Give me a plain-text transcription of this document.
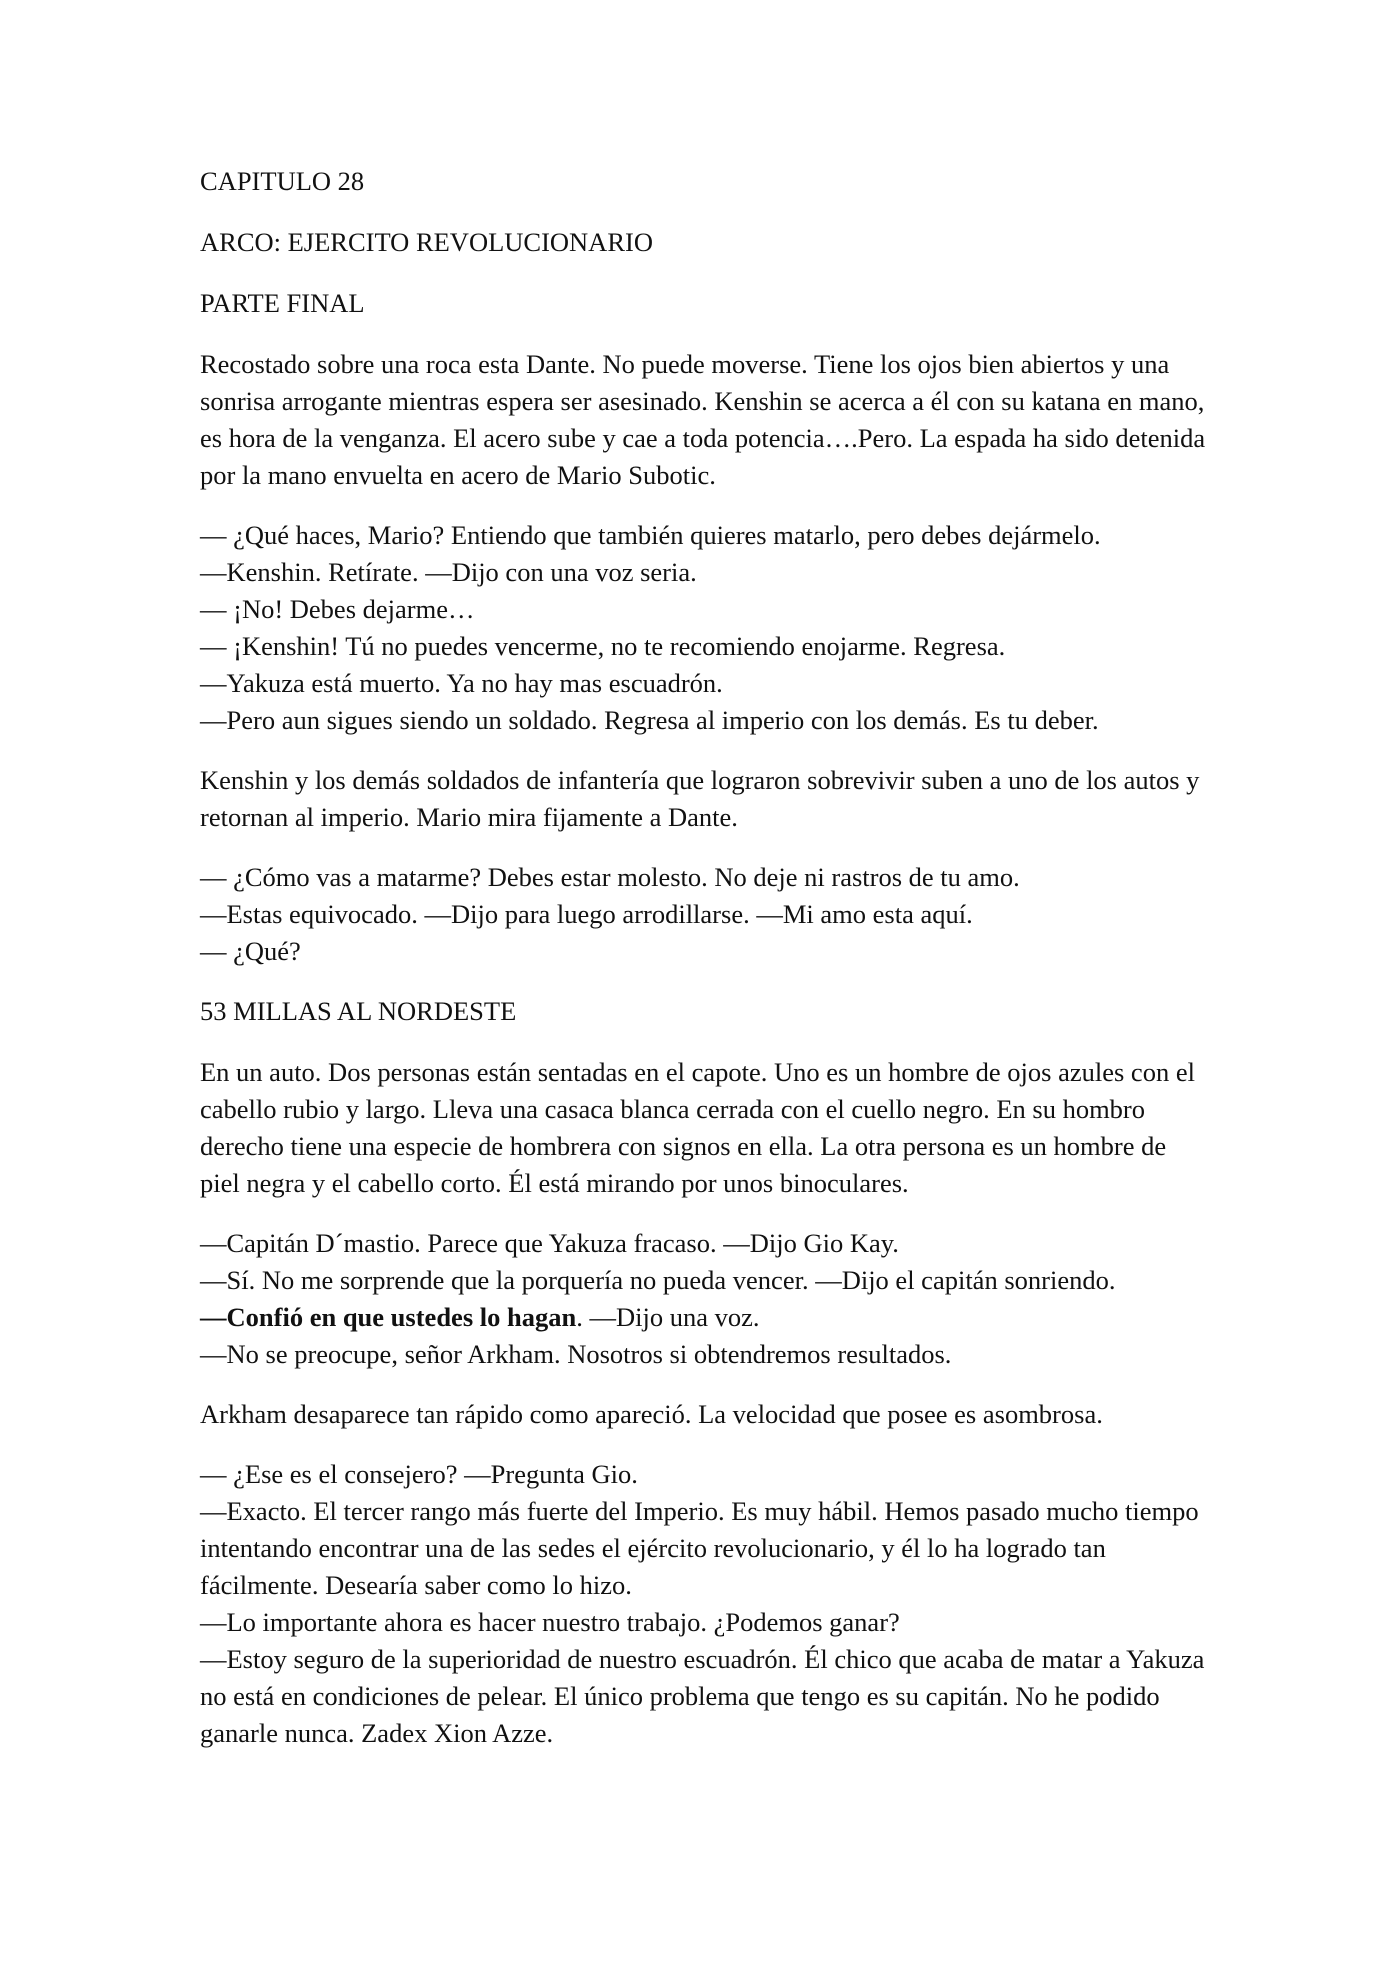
CAPITULO 28
ARCO: EJERCITO REVOLUCIONARIO
PARTE FINAL

Recostado sobre una roca esta Dante. No puede moverse. Tiene los ojos bien abiertos y una sonrisa arrogante mientras espera ser asesinado. Kenshin se acerca a él con su katana en mano, es hora de la venganza. El acero sube y cae a toda potencia….Pero. La espada ha sido detenida por la mano envuelta en acero de Mario Subotic.

— ¿Qué haces, Mario? Entiendo que también quieres matarlo, pero debes dejármelo.
—Kenshin. Retírate. —Dijo con una voz seria.
— ¡No! Debes dejarme…
— ¡Kenshin! Tú no puedes vencerme, no te recomiendo enojarme. Regresa.
—Yakuza está muerto. Ya no hay mas escuadrón.
—Pero aun sigues siendo un soldado. Regresa al imperio con los demás. Es tu deber.

Kenshin y los demás soldados de infantería que lograron sobrevivir suben a uno de los autos y retornan al imperio. Mario mira fijamente a Dante.

— ¿Cómo vas a matarme? Debes estar molesto. No deje ni rastros de tu amo.
—Estas equivocado. —Dijo para luego arrodillarse. —Mi amo esta aquí.
— ¿Qué?
53 MILLAS AL NORDESTE

En un auto. Dos personas están sentadas en el capote. Uno es un hombre de ojos azules con el cabello rubio y largo. Lleva una casaca blanca cerrada con el cuello negro. En su hombro derecho tiene una especie de hombrera con signos en ella. La otra persona es un hombre de piel negra y el cabello corto. Él está mirando por unos binoculares.

—Capitán D´mastio. Parece que Yakuza fracaso. —Dijo Gio Kay.
—Sí. No me sorprende que la porquería no pueda vencer. —Dijo el capitán sonriendo.
—Confió en que ustedes lo hagan. —Dijo una voz.
—No se preocupe, señor Arkham. Nosotros si obtendremos resultados.

Arkham desaparece tan rápido como apareció. La velocidad que posee es asombrosa.

— ¿Ese es el consejero? —Pregunta Gio.
—Exacto. El tercer rango más fuerte del Imperio. Es muy hábil. Hemos pasado mucho tiempo intentando encontrar una de las sedes el ejército revolucionario, y él lo ha logrado tan fácilmente. Desearía saber como lo hizo.
—Lo importante ahora es hacer nuestro trabajo. ¿Podemos ganar?
—Estoy seguro de la superioridad de nuestro escuadrón. Él chico que acaba de matar a Yakuza no está en condiciones de pelear. El único problema que tengo es su capitán. No he podido ganarle nunca. Zadex Xion Azze.
